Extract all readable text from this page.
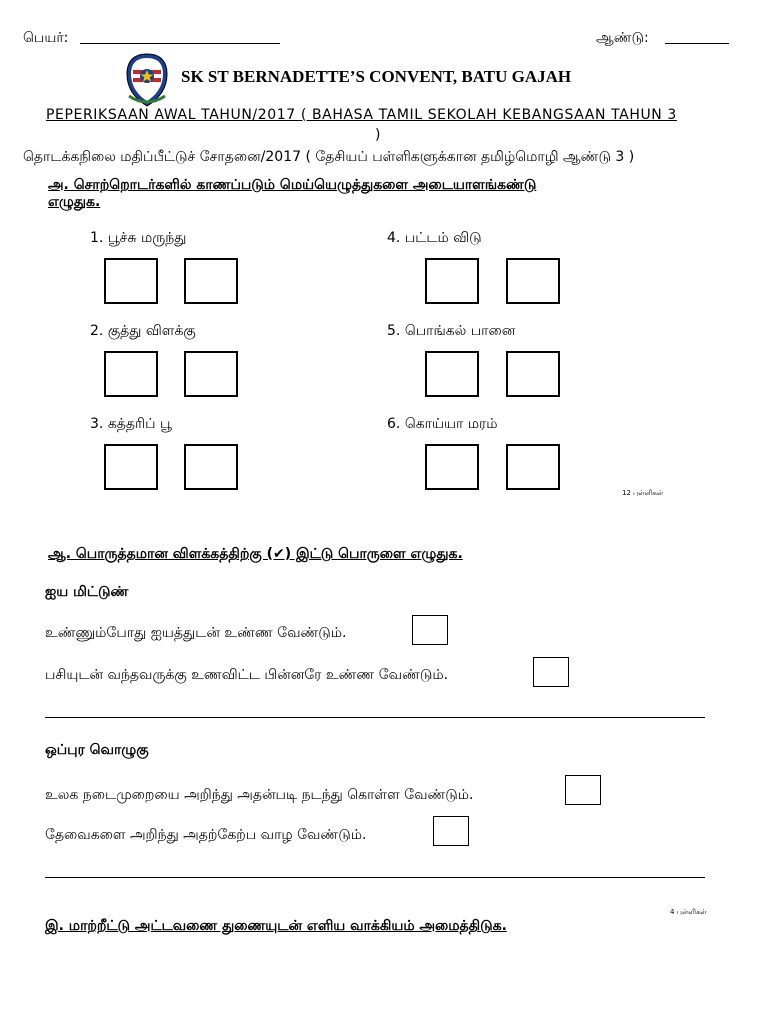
பெயர்:	ஆண்டு:
SK ST BERNADETTE’S CONVENT, BATU GAJAH
PEPERIKSAAN AWAL TAHUN/2017 ( BAHASA TAMIL SEKOLAH KEBANGSAAN TAHUN 3
)
தொடக்கநிலை மதிப்பீட்டுச் சோதனை/2017 ( தேசியப் பள்ளிகளுக்கான தமிழ்மொழி ஆண்டு 3 )
அ. சொற்றொடர்களில் காணப்படும் மெய்யெழுத்துகளை அடையாளங்கண்டு
எழுதுக.
1. பூச்சு மருந்து
2. குத்து விளக்கு
3. கத்தரிப் பூ
4. பட்டம் விடு
5. பொங்கல் பானை
6. கொய்யா மரம்
12 புள்ளிகள்
ஆ. பொருத்தமான விளக்கத்திற்கு (✔) இட்டு பொருளை எழுதுக.
ஐய மிட்டுண்
உண்ணும்போது ஐயத்துடன் உண்ண வேண்டும்.
பசியுடன் வந்தவருக்கு உணவிட்ட பின்னரே உண்ண வேண்டும்.
ஒப்புர வொழுகு
உலக நடைமுறையை அறிந்து அதன்படி நடந்து கொள்ள வேண்டும்.
தேவைகளை அறிந்து அதற்கேற்ப வாழ வேண்டும்.
4 புள்ளிகள்
இ. மாற்றீட்டு அட்டவணை துணையுடன் எளிய வாக்கியம் அமைத்திடுக.
